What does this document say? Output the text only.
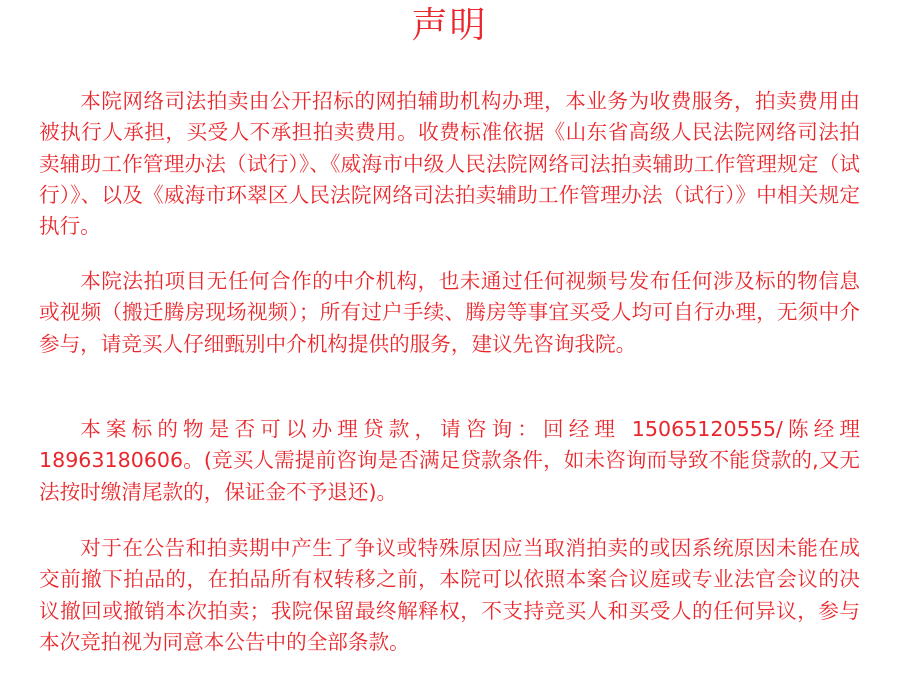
声明

本院网络司法拍卖由公开招标的网拍辅助机构办理，本业务为收费服务，拍卖费用由被执行人承担，买受人不承担拍卖费用。收费标准依据《山东省高级人民法院网络司法拍卖辅助工作管理办法（试行）》、《威海市中级人民法院网络司法拍卖辅助工作管理规定（试行）》、以及《威海市环翠区人民法院网络司法拍卖辅助工作管理办法（试行）》中相关规定执行。

本院法拍项目无任何合作的中介机构，也未通过任何视频号发布任何涉及标的物信息或视频（搬迁腾房现场视频）；所有过户手续、腾房等事宜买受人均可自行办理，无须中介参与，请竞买人仔细甄别中介机构提供的服务，建议先咨询我院。

本案标的物是否可以办理贷款，请咨询：回经理 15065120555/陈经理 18963180606。(竞买人需提前咨询是否满足贷款条件，如未咨询而导致不能贷款的,又无法按时缴清尾款的，保证金不予退还)。

对于在公告和拍卖期中产生了争议或特殊原因应当取消拍卖的或因系统原因未能在成交前撤下拍品的，在拍品所有权转移之前，本院可以依照本案合议庭或专业法官会议的决议撤回或撤销本次拍卖；我院保留最终解释权，不支持竞买人和买受人的任何异议，参与本次竞拍视为同意本公告中的全部条款。
